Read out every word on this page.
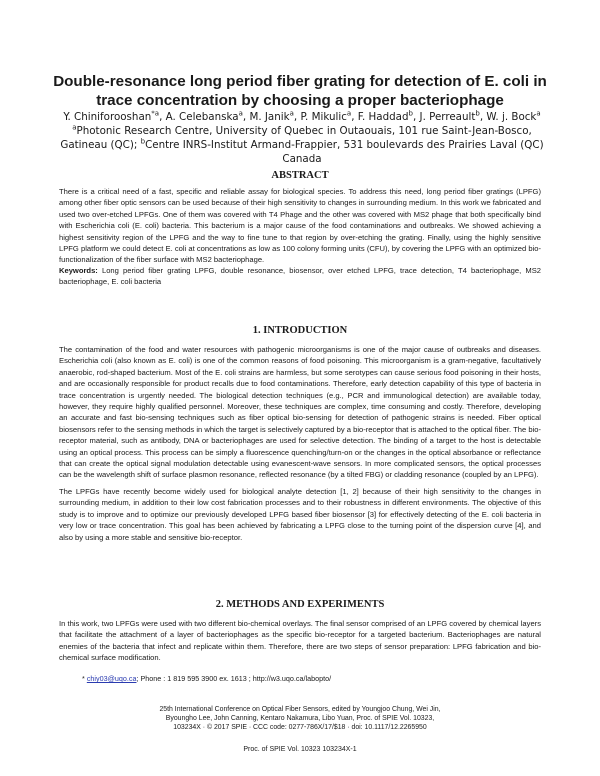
Double-resonance long period fiber grating for detection of E. coli in trace concentration by choosing a proper bacteriophage
Y. Chiniforooshan$^{*a}$, A. Celebanska$^a$, M. Janik$^a$, P. Mikulic$^a$, F. Haddad$^b$, J. Perreault$^b$, W. j. Bock$^a$
$^a$Photonic Research Centre, University of Quebec in Outaouais, 101 rue Saint-Jean-Bosco, Gatineau (QC); $^b$Centre INRS-Institut Armand-Frappier, 531 boulevards des Prairies Laval (QC) Canada
ABSTRACT

There is a critical need of a fast, specific and reliable assay for biological species. To address this need, long period fiber gratings (LPFG) among other fiber optic sensors can be used because of their high sensitivity to changes in surrounding medium. In this work we fabricated and used two over-etched LPFGs. One of them was covered with T4 Phage and the other was covered with MS2 phage that both specifically bind with Escherichia coli (E. coli) bacteria. This bacterium is a major cause of the food contaminations and outbreaks. We showed achieving a highest sensitivity region of the LPFG and the way to fine tune to that region by over-etching the grating. Finally, using the highly sensitive LPFG platform we could detect E. coli at concentrations as low as 100 colony forming units (CFU), by covering the LPFG with an optimized bio-functionalization of the fiber surface with MS2 bacteriophage.

Keywords: Long period fiber grating LPFG, double resonance, biosensor, over etched LPFG, trace detection, T4 bacteriophage, MS2 bacteriophage, E. coli bacteria

1. INTRODUCTION

The contamination of the food and water resources with pathogenic microorganisms is one of the major cause of outbreaks and diseases. Escherichia coli (also known as E. coli) is one of the common reasons of food poisoning. This microorganism is a gram-negative, facultatively anaerobic, rod-shaped bacterium. Most of the E. coli strains are harmless, but some serotypes can cause serious food poisoning in their hosts, and are occasionally responsible for product recalls due to food contaminations. Therefore, early detection capability of this type of bacteria in trace concentration is urgently needed. The biological detection techniques (e.g., PCR and immunological detection) are available today, however, they require highly qualified personnel. Moreover, these techniques are complex, time consuming and costly. Therefore, developing an accurate and fast bio-sensing techniques such as fiber optical bio-sensing for detection of pathogenic strains is needed. Fiber optical biosensors refer to the sensing methods in which the target is selectively captured by a bio-receptor that is attached to the optical fiber. The bio-receptor material, such as antibody, DNA or bacteriophages are used for selective detection. The binding of a target to the host is detectable using an optical process. This process can be simply a fluorescence quenching/turn-on or the changes in the optical absorbance or reflectance that can create the optical signal modulation detectable using evanescent-wave sensors. In more complicated sensors, the optical processes can be the wavelength shift of surface plasmon resonance, reflected resonance (by a tilted FBG) or cladding resonance (coupled by an LPFG).

The LPFGs have recently become widely used for biological analyte detection [1, 2] because of their high sensitivity to the changes in surrounding medium, in addition to their low cost fabrication processes and to their robustness in different environments. The objective of this study is to improve and to optimize our previously developed LPFG based fiber biosensor [3] for effectively detecting of the E. coli bacteria in very low or trace concentration. This goal has been achieved by fabricating a LPFG close to the turning point of the dispersion curve [4], and also by using a more stable and sensitive bio-receptor.

2. METHODS AND EXPERIMENTS

In this work, two LPFGs were used with two different bio-chemical overlays. The final sensor comprised of an LPFG covered by chemical layers that facilitate the attachment of a layer of bacteriophages as the specific bio-receptor for a targeted bacterium. Bacteriophages are natural enemies of the bacteria that infect and replicate within them. Therefore, there are two steps of sensor preparation: LPFG fabrication and bio-chemical surface modification.

* chiy03@uqo.ca; Phone : 1 819 595 3900 ex. 1613 ; http://w3.uqo.ca/labopto/
25th International Conference on Optical Fiber Sensors, edited by Youngjoo Chung, Wei Jin,
Byoungho Lee, John Canning, Kentaro Nakamura, Libo Yuan, Proc. of SPIE Vol. 10323,
103234X · © 2017 SPIE · CCC code: 0277-786X/17/$18 · doi: 10.1117/12.2265950
Proc. of SPIE Vol. 10323 103234X-1
